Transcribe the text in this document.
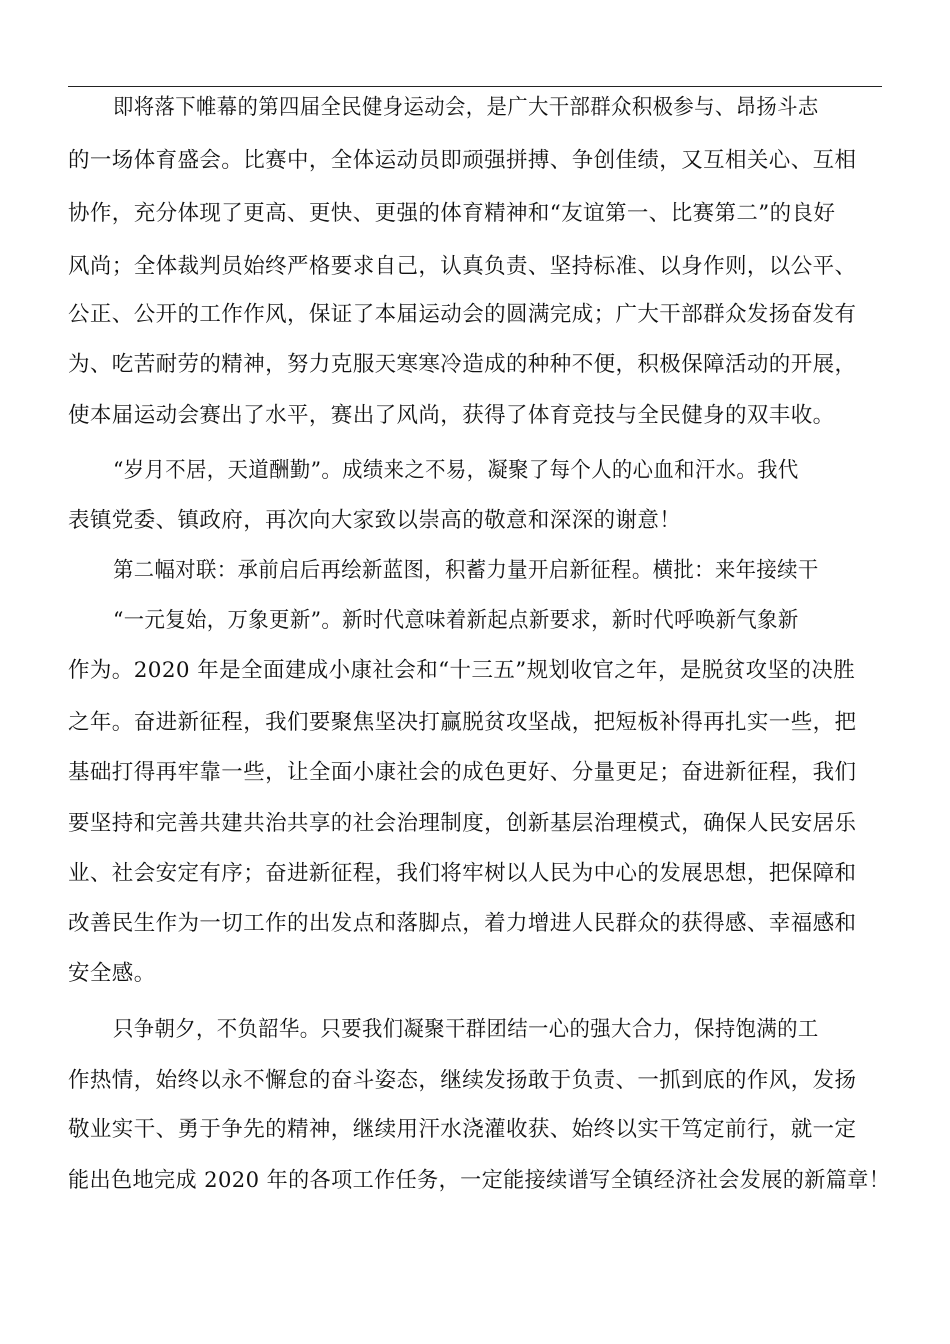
即将落下帷幕的第四届全民健身运动会，是广大干部群众积极参与、昂扬斗志
的一场体育盛会。比赛中，全体运动员即顽强拼搏、争创佳绩，又互相关心、互相
协作，充分体现了更高、更快、更强的体育精神和“友谊第一、比赛第二”的良好
风尚；全体裁判员始终严格要求自己，认真负责、坚持标准、以身作则，以公平、
公正、公开的工作作风，保证了本届运动会的圆满完成；广大干部群众发扬奋发有
为、吃苦耐劳的精神，努力克服天寒寒冷造成的种种不便，积极保障活动的开展，
使本届运动会赛出了水平，赛出了风尚，获得了体育竞技与全民健身的双丰收。
“岁月不居，天道酬勤”。成绩来之不易，凝聚了每个人的心血和汗水。我代
表镇党委、镇政府，再次向大家致以崇高的敬意和深深的谢意！
第二幅对联：承前启后再绘新蓝图，积蓄力量开启新征程。横批：来年接续干
“一元复始，万象更新”。新时代意味着新起点新要求，新时代呼唤新气象新
作为。2020 年是全面建成小康社会和“十三五”规划收官之年，是脱贫攻坚的决胜
之年。奋进新征程，我们要聚焦坚决打赢脱贫攻坚战，把短板补得再扎实一些，把
基础打得再牢靠一些，让全面小康社会的成色更好、分量更足；奋进新征程，我们
要坚持和完善共建共治共享的社会治理制度，创新基层治理模式，确保人民安居乐
业、社会安定有序；奋进新征程，我们将牢树以人民为中心的发展思想，把保障和
改善民生作为一切工作的出发点和落脚点，着力增进人民群众的获得感、幸福感和
安全感。
只争朝夕，不负韶华。只要我们凝聚干群团结一心的强大合力，保持饱满的工
作热情，始终以永不懈怠的奋斗姿态，继续发扬敢于负责、一抓到底的作风，发扬
敬业实干、勇于争先的精神，继续用汗水浇灌收获、始终以实干笃定前行，就一定
能出色地完成 2020 年的各项工作任务，一定能接续谱写全镇经济社会发展的新篇章！
